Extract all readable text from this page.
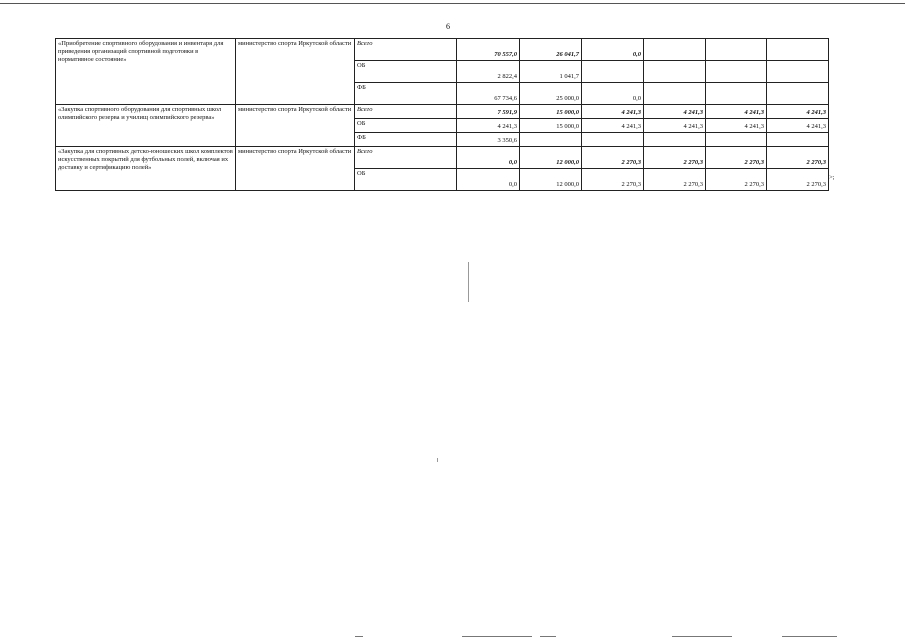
6
«Приобретение спортивного оборудования и инвентаря для приведения организаций спортивной подготовки в нормативное состояние»	министерство спорта Иркутской области	Всего	70 557,0	26 041,7	0,0			
		ОБ	2 822,4	1 041,7				
		ФБ	67 734,6	25 000,0	0,0			
«Закупка спортивного оборудования для спортивных школ олимпийского резерва и училищ олимпийского резерва»	министерство спорта Иркутской области	Всего	7 591,9	15 000,0	4 241,3	4 241,3	4 241,3	4 241,3
		ОБ	4 241,3	15 000,0	4 241,3	4 241,3	4 241,3	4 241,3
		ФБ	3 350,6					
«Закупка для спортивных детско-юношеских школ комплектов искусственных покрытий для футбольных полей, включая их доставку и сертификацию полей»	министерство спорта Иркутской области	Всего	0,0	12 000,0	2 270,3	2 270,3	2 270,3	2 270,3
		ОБ	0,0	12 000,0	2 270,3	2 270,3	2 270,3	2 270,3
>;
